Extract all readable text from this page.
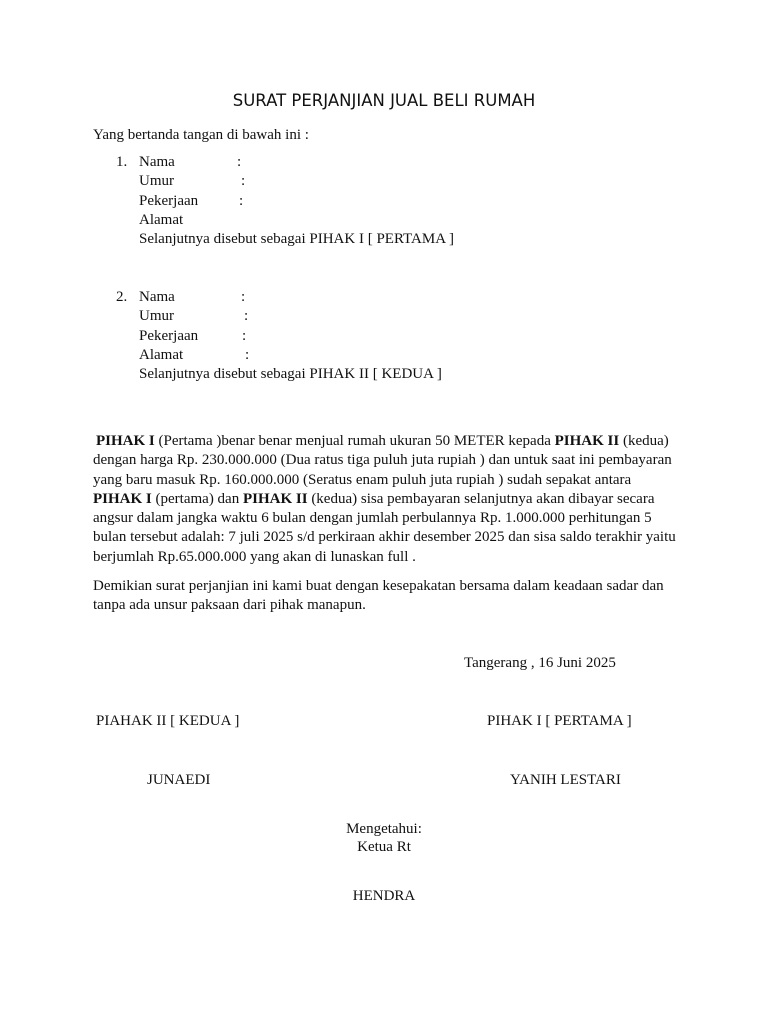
SURAT PERJANJIAN JUAL BELI RUMAH
Yang bertanda tangan di bawah ini :
1. Nama	:
Umur	:
Pekerjaan	:
Alamat
Selanjutnya disebut sebagai PIHAK I [ PERTAMA ]
2. Nama	:
Umur	:
Pekerjaan	:
Alamat	:
Selanjutnya disebut sebagai PIHAK II [ KEDUA ]

PIHAK I (Pertama )benar benar menjual rumah ukuran 50 METER kepada PIHAK II (kedua) dengan harga Rp. 230.000.000 (Dua ratus tiga puluh juta rupiah ) dan untuk saat ini pembayaran yang baru masuk Rp. 160.000.000 (Seratus enam puluh juta rupiah ) sudah sepakat antara PIHAK I (pertama) dan PIHAK II (kedua) sisa pembayaran selanjutnya akan dibayar secara angsur dalam jangka waktu 6 bulan dengan jumlah perbulannya Rp. 1.000.000 perhitungan 5 bulan tersebut adalah: 7 juli 2025 s/d perkiraan akhir desember 2025 dan sisa saldo terakhir yaitu berjumlah Rp.65.000.000 yang akan di lunaskan full .

Demikian surat perjanjian ini kami buat dengan kesepakatan bersama dalam keadaan sadar dan tanpa ada unsur paksaan dari pihak manapun.

Tangerang , 16 Juni 2025
PIAHAK II [ KEDUA ]	PIHAK I [ PERTAMA ]
JUNAEDI	YANIH LESTARI
Mengetahui:
Ketua Rt
HENDRA
